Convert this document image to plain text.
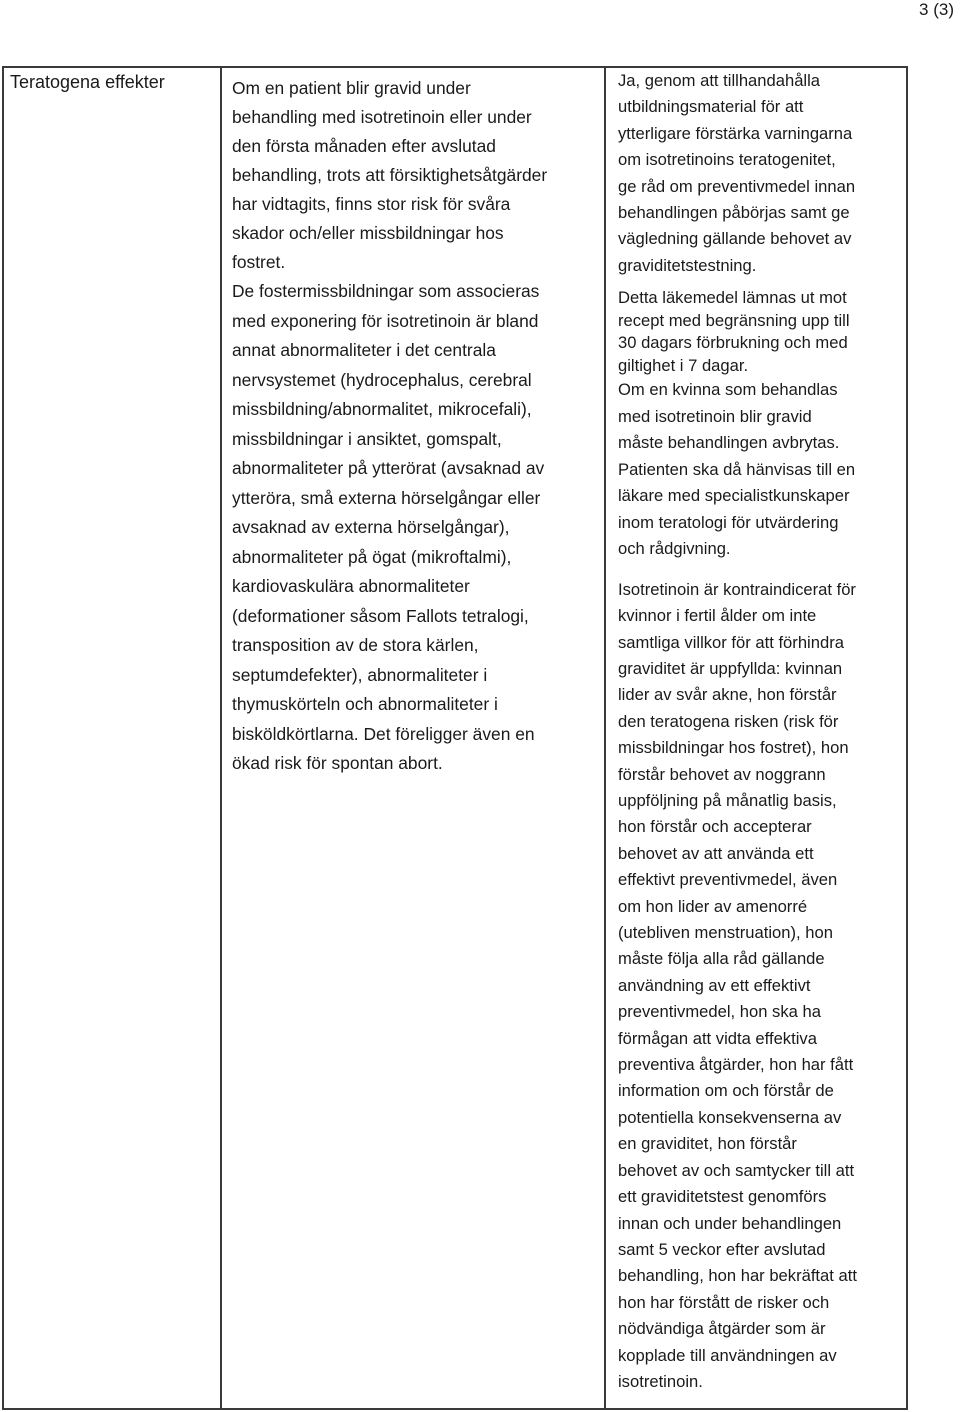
3 (3)
Teratogena effekter	Om en patient blir gravid under
behandling med isotretinoin eller under
den första månaden efter avslutad
behandling, trots att försiktighetsåtgärder
har vidtagits, finns stor risk för svåra
skador och/eller missbildningar hos
fostret.

De fostermissbildningar som associeras
med exponering för isotretinoin är bland
annat abnormaliteter i det centrala
nervsystemet (hydrocephalus, cerebral
missbildning/abnormalitet, mikrocefali),
missbildningar i ansiktet, gomspalt,
abnormaliteter på ytterörat (avsaknad av
ytteröra, små externa hörselgångar eller
avsaknad av externa hörselgångar),
abnormaliteter på ögat (mikroftalmi),
kardiovaskulära abnormaliteter
(deformationer såsom Fallots tetralogi,
transposition av de stora kärlen,
septumdefekter), abnormaliteter i
thymuskörteln och abnormaliteter i
bisköldkörtlarna. Det föreligger även en
ökad risk för spontan abort.

Ja, genom att tillhandahålla
utbildningsmaterial för att
ytterligare förstärka varningarna
om isotretinoins teratogenitet,
ge råd om preventivmedel innan
behandlingen påbörjas samt ge
vägledning gällande behovet av
graviditetstestning.

Detta läkemedel lämnas ut mot
recept med begränsning upp till
30 dagars förbrukning och med
giltighet i 7 dagar.

Om en kvinna som behandlas
med isotretinoin blir gravid
måste behandlingen avbrytas.
Patienten ska då hänvisas till en
läkare med specialistkunskaper
inom teratologi för utvärdering
och rådgivning.

Isotretinoin är kontraindicerat för
kvinnor i fertil ålder om inte
samtliga villkor för att förhindra
graviditet är uppfyllda: kvinnan
lider av svår akne, hon förstår
den teratogena risken (risk för
missbildningar hos fostret), hon
förstår behovet av noggrann
uppföljning på månatlig basis,
hon förstår och accepterar
behovet av att använda ett
effektivt preventivmedel, även
om hon lider av amenorré
(utebliven menstruation), hon
måste följa alla råd gällande
användning av ett effektivt
preventivmedel, hon ska ha
förmågan att vidta effektiva
preventiva åtgärder, hon har fått
information om och förstår de
potentiella konsekvenserna av
en graviditet, hon förstår
behovet av och samtycker till att
ett graviditetstest genomförs
innan och under behandlingen
samt 5 veckor efter avslutad
behandling, hon har bekräftat att
hon har förstått de risker och
nödvändiga åtgärder som är
kopplade till användningen av
isotretinoin.
